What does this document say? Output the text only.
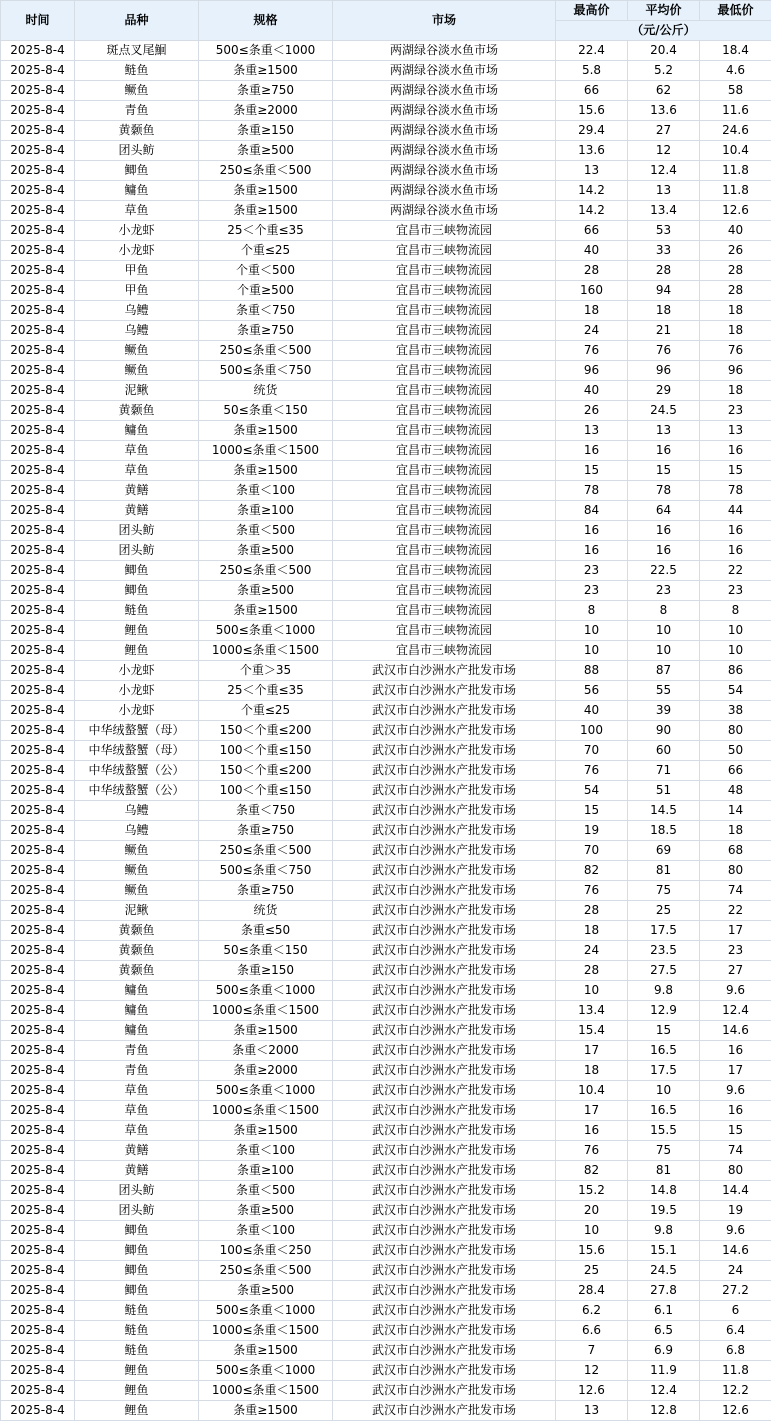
时间	品种	规格	市场	最高价	平均价	最低价
				（元/公斤）		
2025-8-4	斑点叉尾鮰	500≤条重＜1000	两湖绿谷淡水鱼市场	22.4	20.4	18.4
2025-8-4	鲢鱼	条重≥1500	两湖绿谷淡水鱼市场	5.8	5.2	4.6
2025-8-4	鳜鱼	条重≥750	两湖绿谷淡水鱼市场	66	62	58
2025-8-4	青鱼	条重≥2000	两湖绿谷淡水鱼市场	15.6	13.6	11.6
2025-8-4	黄颡鱼	条重≥150	两湖绿谷淡水鱼市场	29.4	27	24.6
2025-8-4	团头鲂	条重≥500	两湖绿谷淡水鱼市场	13.6	12	10.4
2025-8-4	鲫鱼	250≤条重＜500	两湖绿谷淡水鱼市场	13	12.4	11.8
2025-8-4	鳙鱼	条重≥1500	两湖绿谷淡水鱼市场	14.2	13	11.8
2025-8-4	草鱼	条重≥1500	两湖绿谷淡水鱼市场	14.2	13.4	12.6
2025-8-4	小龙虾	25＜个重≤35	宜昌市三峡物流园	66	53	40
2025-8-4	小龙虾	个重≤25	宜昌市三峡物流园	40	33	26
2025-8-4	甲鱼	个重＜500	宜昌市三峡物流园	28	28	28
2025-8-4	甲鱼	个重≥500	宜昌市三峡物流园	160	94	28
2025-8-4	乌鳢	条重＜750	宜昌市三峡物流园	18	18	18
2025-8-4	乌鳢	条重≥750	宜昌市三峡物流园	24	21	18
2025-8-4	鳜鱼	250≤条重＜500	宜昌市三峡物流园	76	76	76
2025-8-4	鳜鱼	500≤条重＜750	宜昌市三峡物流园	96	96	96
2025-8-4	泥鳅	统货	宜昌市三峡物流园	40	29	18
2025-8-4	黄颡鱼	50≤条重＜150	宜昌市三峡物流园	26	24.5	23
2025-8-4	鳙鱼	条重≥1500	宜昌市三峡物流园	13	13	13
2025-8-4	草鱼	1000≤条重＜1500	宜昌市三峡物流园	16	16	16
2025-8-4	草鱼	条重≥1500	宜昌市三峡物流园	15	15	15
2025-8-4	黄鳝	条重＜100	宜昌市三峡物流园	78	78	78
2025-8-4	黄鳝	条重≥100	宜昌市三峡物流园	84	64	44
2025-8-4	团头鲂	条重＜500	宜昌市三峡物流园	16	16	16
2025-8-4	团头鲂	条重≥500	宜昌市三峡物流园	16	16	16
2025-8-4	鲫鱼	250≤条重＜500	宜昌市三峡物流园	23	22.5	22
2025-8-4	鲫鱼	条重≥500	宜昌市三峡物流园	23	23	23
2025-8-4	鲢鱼	条重≥1500	宜昌市三峡物流园	8	8	8
2025-8-4	鲤鱼	500≤条重＜1000	宜昌市三峡物流园	10	10	10
2025-8-4	鲤鱼	1000≤条重＜1500	宜昌市三峡物流园	10	10	10
2025-8-4	小龙虾	个重＞35	武汉市白沙洲水产批发市场	88	87	86
2025-8-4	小龙虾	25＜个重≤35	武汉市白沙洲水产批发市场	56	55	54
2025-8-4	小龙虾	个重≤25	武汉市白沙洲水产批发市场	40	39	38
2025-8-4	中华绒螯蟹（母）	150＜个重≤200	武汉市白沙洲水产批发市场	100	90	80
2025-8-4	中华绒螯蟹（母）	100＜个重≤150	武汉市白沙洲水产批发市场	70	60	50
2025-8-4	中华绒螯蟹（公）	150＜个重≤200	武汉市白沙洲水产批发市场	76	71	66
2025-8-4	中华绒螯蟹（公）	100＜个重≤150	武汉市白沙洲水产批发市场	54	51	48
2025-8-4	乌鳢	条重＜750	武汉市白沙洲水产批发市场	15	14.5	14
2025-8-4	乌鳢	条重≥750	武汉市白沙洲水产批发市场	19	18.5	18
2025-8-4	鳜鱼	250≤条重＜500	武汉市白沙洲水产批发市场	70	69	68
2025-8-4	鳜鱼	500≤条重＜750	武汉市白沙洲水产批发市场	82	81	80
2025-8-4	鳜鱼	条重≥750	武汉市白沙洲水产批发市场	76	75	74
2025-8-4	泥鳅	统货	武汉市白沙洲水产批发市场	28	25	22
2025-8-4	黄颡鱼	条重≤50	武汉市白沙洲水产批发市场	18	17.5	17
2025-8-4	黄颡鱼	50≤条重＜150	武汉市白沙洲水产批发市场	24	23.5	23
2025-8-4	黄颡鱼	条重≥150	武汉市白沙洲水产批发市场	28	27.5	27
2025-8-4	鳙鱼	500≤条重＜1000	武汉市白沙洲水产批发市场	10	9.8	9.6
2025-8-4	鳙鱼	1000≤条重＜1500	武汉市白沙洲水产批发市场	13.4	12.9	12.4
2025-8-4	鳙鱼	条重≥1500	武汉市白沙洲水产批发市场	15.4	15	14.6
2025-8-4	青鱼	条重＜2000	武汉市白沙洲水产批发市场	17	16.5	16
2025-8-4	青鱼	条重≥2000	武汉市白沙洲水产批发市场	18	17.5	17
2025-8-4	草鱼	500≤条重＜1000	武汉市白沙洲水产批发市场	10.4	10	9.6
2025-8-4	草鱼	1000≤条重＜1500	武汉市白沙洲水产批发市场	17	16.5	16
2025-8-4	草鱼	条重≥1500	武汉市白沙洲水产批发市场	16	15.5	15
2025-8-4	黄鳝	条重＜100	武汉市白沙洲水产批发市场	76	75	74
2025-8-4	黄鳝	条重≥100	武汉市白沙洲水产批发市场	82	81	80
2025-8-4	团头鲂	条重＜500	武汉市白沙洲水产批发市场	15.2	14.8	14.4
2025-8-4	团头鲂	条重≥500	武汉市白沙洲水产批发市场	20	19.5	19
2025-8-4	鲫鱼	条重＜100	武汉市白沙洲水产批发市场	10	9.8	9.6
2025-8-4	鲫鱼	100≤条重＜250	武汉市白沙洲水产批发市场	15.6	15.1	14.6
2025-8-4	鲫鱼	250≤条重＜500	武汉市白沙洲水产批发市场	25	24.5	24
2025-8-4	鲫鱼	条重≥500	武汉市白沙洲水产批发市场	28.4	27.8	27.2
2025-8-4	鲢鱼	500≤条重＜1000	武汉市白沙洲水产批发市场	6.2	6.1	6
2025-8-4	鲢鱼	1000≤条重＜1500	武汉市白沙洲水产批发市场	6.6	6.5	6.4
2025-8-4	鲢鱼	条重≥1500	武汉市白沙洲水产批发市场	7	6.9	6.8
2025-8-4	鲤鱼	500≤条重＜1000	武汉市白沙洲水产批发市场	12	11.9	11.8
2025-8-4	鲤鱼	1000≤条重＜1500	武汉市白沙洲水产批发市场	12.6	12.4	12.2
2025-8-4	鲤鱼	条重≥1500	武汉市白沙洲水产批发市场	13	12.8	12.6
